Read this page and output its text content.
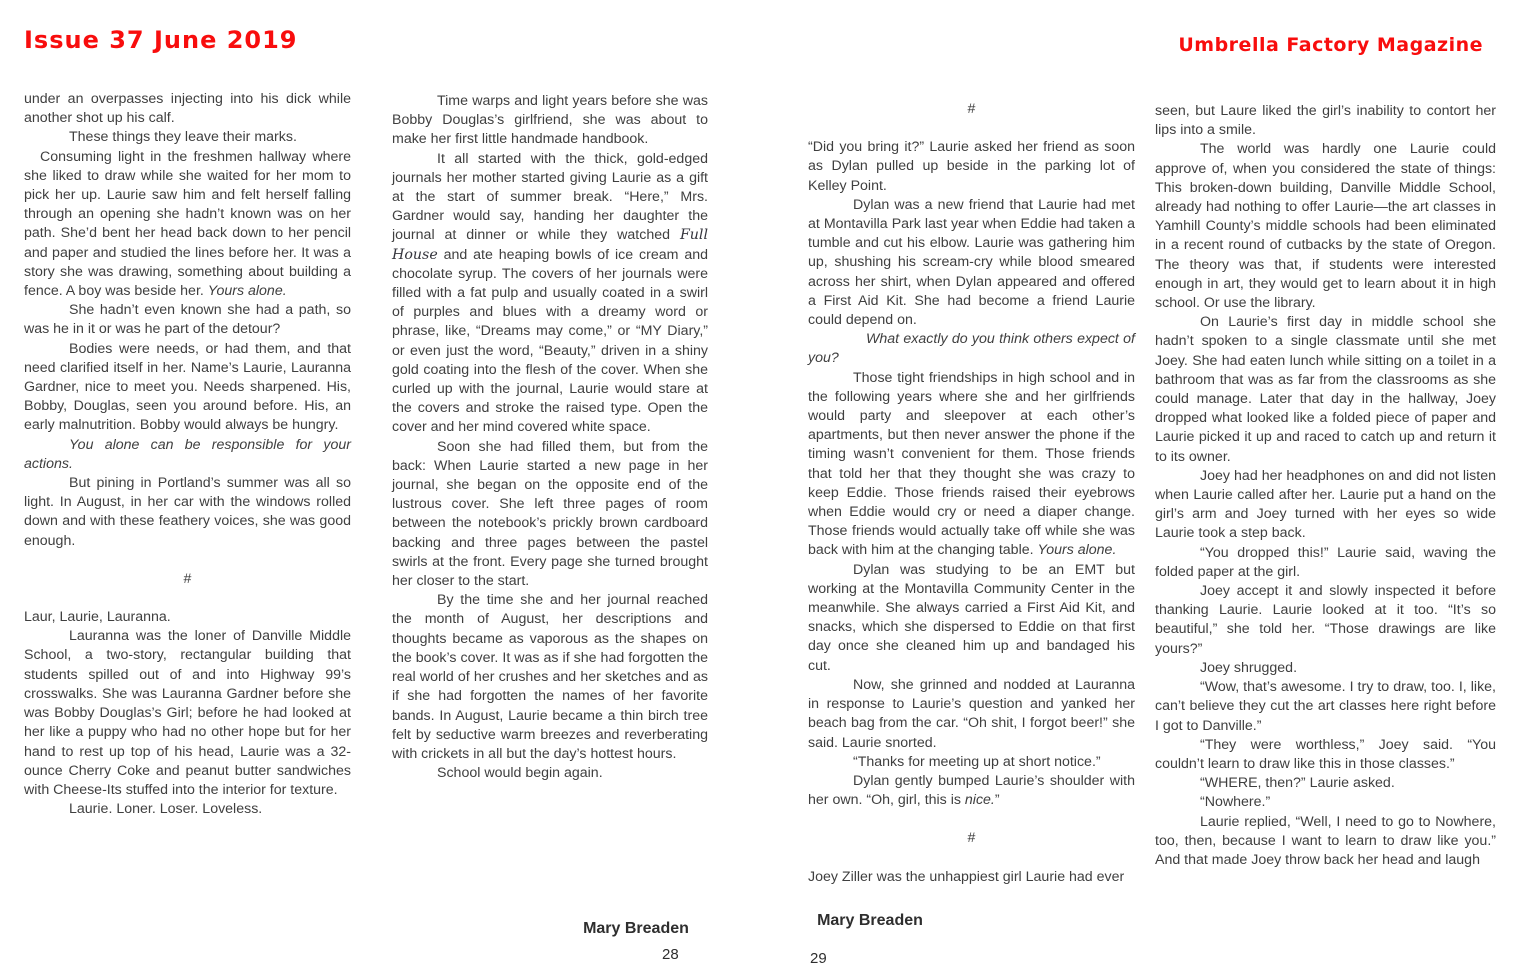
Issue 37 June 2019	Umbrella Factory Magazine

under an overpasses injecting into his dick while another shot up his calf.

These things they leave their marks.

Consuming light in the freshmen hallway where she liked to draw while she waited for her mom to pick her up. Laurie saw him and felt herself falling through an opening she hadn’t known was on her path. She’d bent her head back down to her pencil and paper and studied the lines before her. It was a story she was drawing, something about building a fence. A boy was beside her. Yours alone.

She hadn’t even known she had a path, so was he in it or was he part of the detour?

Bodies were needs, or had them, and that need clarified itself in her. Name’s Laurie, Lauranna Gardner, nice to meet you. Needs sharpened. His, Bobby, Douglas, seen you around before. His, an early malnutrition. Bobby would always be hungry.

You alone can be responsible for your actions.

But pining in Portland’s summer was all so light. In August, in her car with the windows rolled down and with these feathery voices, she was good enough.

#

Laur, Laurie, Lauranna.

Lauranna was the loner of Danville Middle School, a two-story, rectangular building that students spilled out of and into Highway 99’s crosswalks. She was Lauranna Gardner before she was Bobby Douglas’s Girl; before he had looked at her like a puppy who had no other hope but for her hand to rest up top of his head, Laurie was a 32-ounce Cherry Coke and peanut butter sandwiches with Cheese-Its stuffed into the interior for texture.

Laurie. Loner. Loser. Loveless.

Time warps and light years before she was Bobby Douglas’s girlfriend, she was about to make her first little handmade handbook.

It all started with the thick, gold-edged journals her mother started giving Laurie as a gift at the start of summer break. “Here,” Mrs. Gardner would say, handing her daughter the journal at dinner or while they watched Full House and ate heaping bowls of ice cream and chocolate syrup. The covers of her journals were filled with a fat pulp and usually coated in a swirl of purples and blues with a dreamy word or phrase, like, “Dreams may come,” or “MY Diary,” or even just the word, “Beauty,” driven in a shiny gold coating into the flesh of the cover. When she curled up with the journal, Laurie would stare at the covers and stroke the raised type. Open the cover and her mind covered white space.

Soon she had filled them, but from the back: When Laurie started a new page in her journal, she began on the opposite end of the lustrous cover. She left three pages of room between the notebook’s prickly brown cardboard backing and three pages between the pastel swirls at the front. Every page she turned brought her closer to the start.

By the time she and her journal reached the month of August, her descriptions and thoughts became as vaporous as the shapes on the book’s cover. It was as if she had forgotten the real world of her crushes and her sketches and as if she had forgotten the names of her favorite bands. In August, Laurie became a thin birch tree felt by seductive warm breezes and reverberating with crickets in all but the day’s hottest hours.

School would begin again.

#

“Did you bring it?” Laurie asked her friend as soon as Dylan pulled up beside in the parking lot of Kelley Point.

Dylan was a new friend that Laurie had met at Montavilla Park last year when Eddie had taken a tumble and cut his elbow. Laurie was gathering him up, shushing his scream-cry while blood smeared across her shirt, when Dylan appeared and offered a First Aid Kit. She had become a friend Laurie could depend on.

What exactly do you think others expect of you?

Those tight friendships in high school and in the following years where she and her girlfriends would party and sleepover at each other’s apartments, but then never answer the phone if the timing wasn’t convenient for them. Those friends that told her that they thought she was crazy to keep Eddie. Those friends raised their eyebrows when Eddie would cry or need a diaper change. Those friends would actually take off while she was back with him at the changing table. Yours alone.

Dylan was studying to be an EMT but working at the Montavilla Community Center in the meanwhile. She always carried a First Aid Kit, and snacks, which she dispersed to Eddie on that first day once she cleaned him up and bandaged his cut.

Now, she grinned and nodded at Lauranna in response to Laurie’s question and yanked her beach bag from the car. “Oh shit, I forgot beer!” she said. Laurie snorted.

“Thanks for meeting up at short notice.”

Dylan gently bumped Laurie’s shoulder with her own. “Oh, girl, this is nice.”

#

Joey Ziller was the unhappiest girl Laurie had ever

seen, but Laure liked the girl’s inability to contort her lips into a smile.

The world was hardly one Laurie could approve of, when you considered the state of things: This broken-down building, Danville Middle School, already had nothing to offer Laurie—the art classes in Yamhill County’s middle schools had been eliminated in a recent round of cutbacks by the state of Oregon. The theory was that, if students were interested enough in art, they would get to learn about it in high school. Or use the library.

On Laurie’s first day in middle school she hadn’t spoken to a single classmate until she met Joey. She had eaten lunch while sitting on a toilet in a bathroom that was as far from the classrooms as she could manage. Later that day in the hallway, Joey dropped what looked like a folded piece of paper and Laurie picked it up and raced to catch up and return it to its owner.

Joey had her headphones on and did not listen when Laurie called after her. Laurie put a hand on the girl’s arm and Joey turned with her eyes so wide Laurie took a step back.

“You dropped this!” Laurie said, waving the folded paper at the girl.

Joey accept it and slowly inspected it before thanking Laurie. Laurie looked at it too. “It’s so beautiful,” she told her. “Those drawings are like yours?”

Joey shrugged.

“Wow, that’s awesome. I try to draw, too. I, like, can’t believe they cut the art classes here right before I got to Danville.”

“They were worthless,” Joey said. “You couldn’t learn to draw like this in those classes.”

“WHERE, then?” Laurie asked.

“Nowhere.”

Laurie replied, “Well, I need to go to Nowhere, too, then, because I want to learn to draw like you.” And that made Joey throw back her head and laugh

Mary Breaden
28
Mary Breaden
29
